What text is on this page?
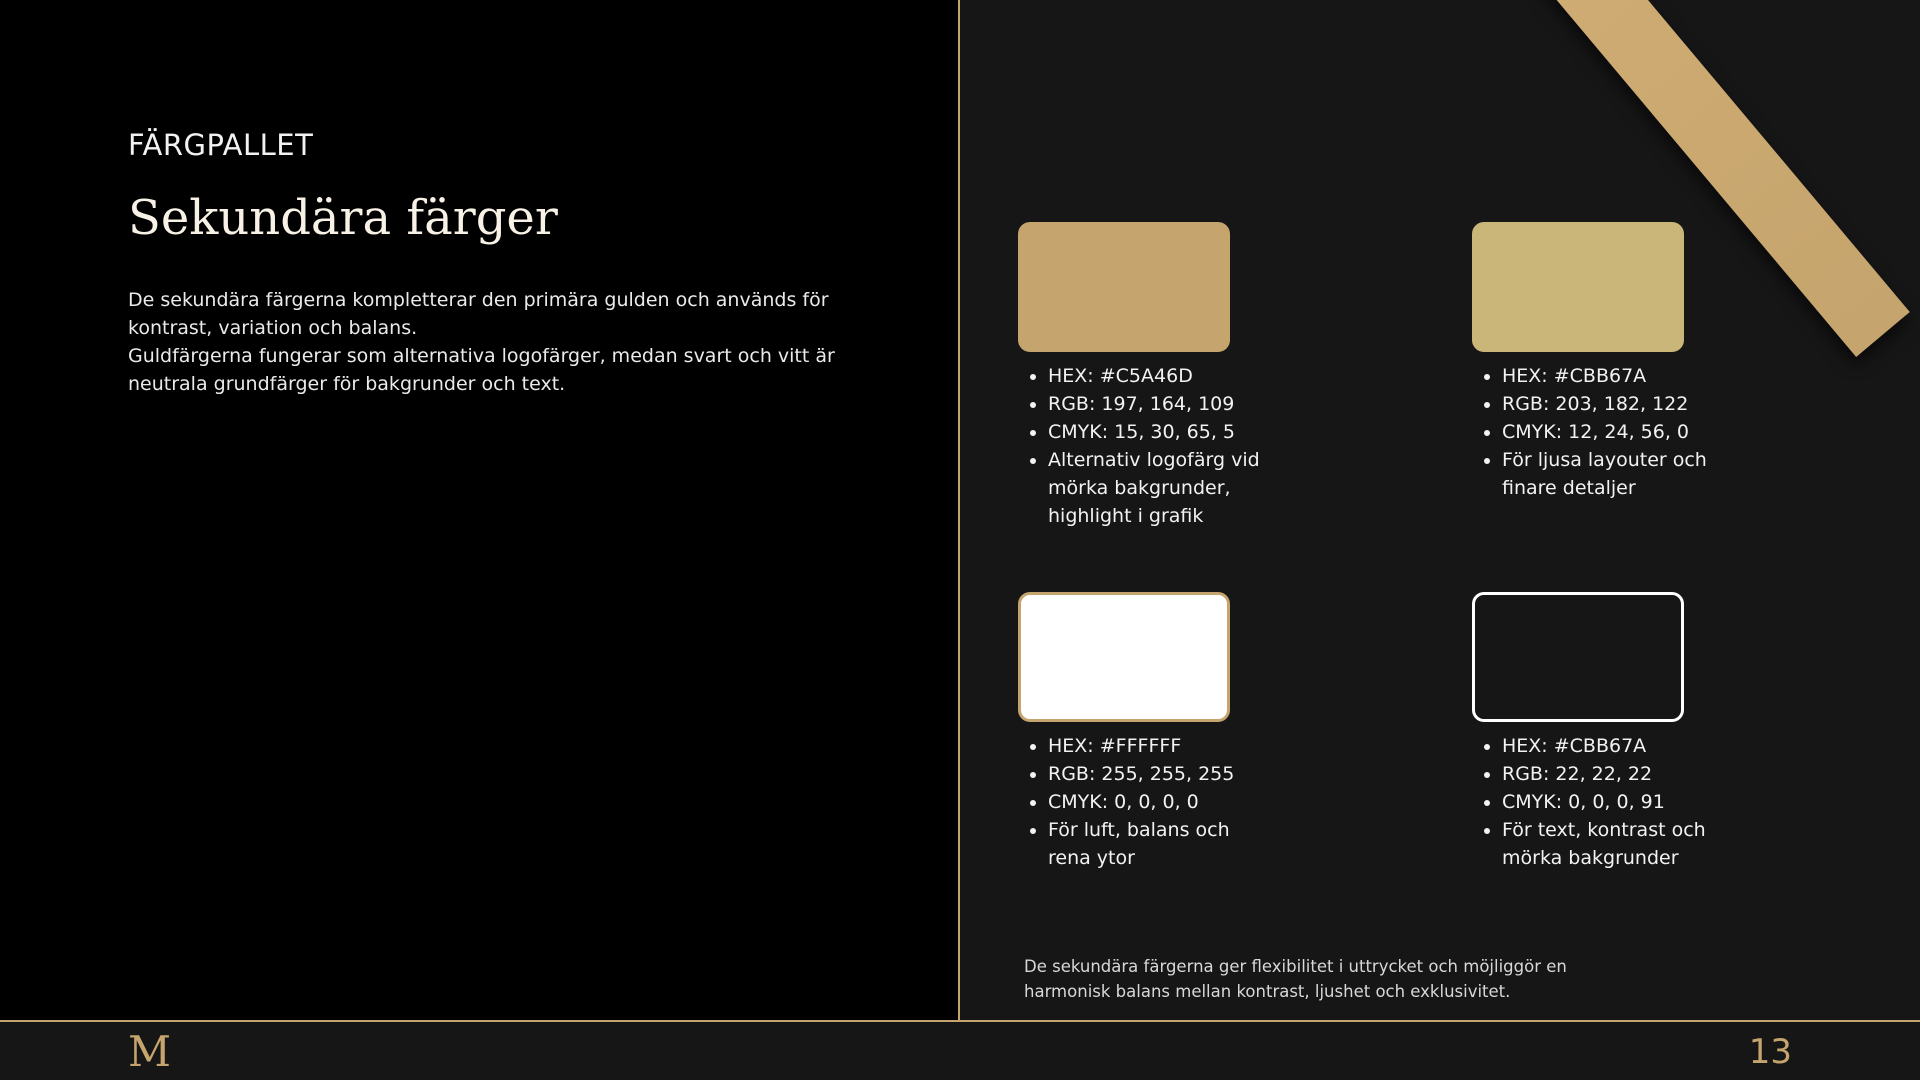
FÄRGPALLET
Sekundära färger

De sekundära färgerna kompletterar den primära gulden och används för kontrast, variation och balans.

Guldfärgerna fungerar som alternativa logofärger, medan svart och vitt är neutrala grundfärger för bakgrunder och text.

•	HEX: #C5A46D
• RGB: 197, 164, 109
• CMYK: 15, 30, 65, 5
• Alternativ logofärg vid mörka bakgrunder, highlight i grafik
• HEX: #CBB67A
• RGB: 203, 182, 122
• CMYK: 12, 24, 56, 0
• För ljusa layouter och finare detaljer
• HEX: #FFFFFF
• RGB: 255, 255, 255
• CMYK: 0, 0, 0, 0
• För luft, balans och rena ytor
• HEX: #CBB67A
• RGB: 22, 22, 22
• CMYK: 0, 0, 0, 91
• För text, kontrast och mörka bakgrunder

De sekundära färgerna ger flexibilitet i uttrycket och möjliggör en

harmonisk balans mellan kontrast, ljushet och exklusivitet.

M	13
